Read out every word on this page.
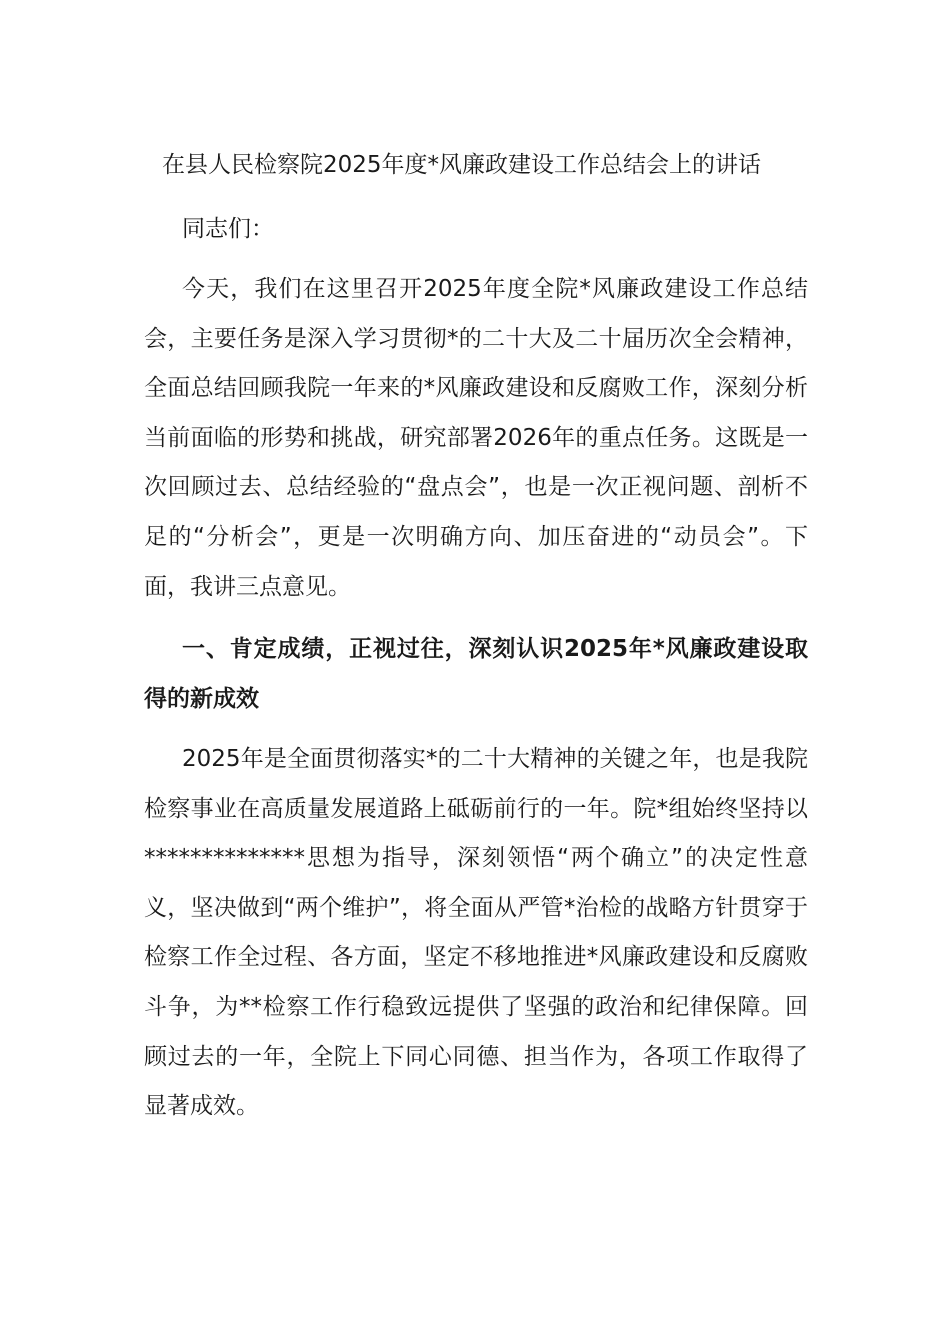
在县人民检察院2025年度*风廉政建设工作总结会上的讲话

同志们：

今天，我们在这里召开2025年度全院*风廉政建设工作总结会，主要任务是深入学习贯彻*的二十大及二十届历次全会精神，全面总结回顾我院一年来的*风廉政建设和反腐败工作，深刻分析当前面临的形势和挑战，研究部署2026年的重点任务。这既是一次回顾过去、总结经验的“盘点会”，也是一次正视问题、剖析不足的“分析会”，更是一次明确方向、加压奋进的“动员会”。下面，我讲三点意见。

一、肯定成绩，正视过往，深刻认识2025年*风廉政建设取得的新成效

2025年是全面贯彻落实*的二十大精神的关键之年，也是我院检察事业在高质量发展道路上砥砺前行的一年。院*组始终坚持以**************思想为指导，深刻领悟“两个确立”的决定性意义，坚决做到“两个维护”，将全面从严管*治检的战略方针贯穿于检察工作全过程、各方面，坚定不移地推进*风廉政建设和反腐败斗争，为**检察工作行稳致远提供了坚强的政治和纪律保障。回顾过去的一年，全院上下同心同德、担当作为，各项工作取得了显著成效。
